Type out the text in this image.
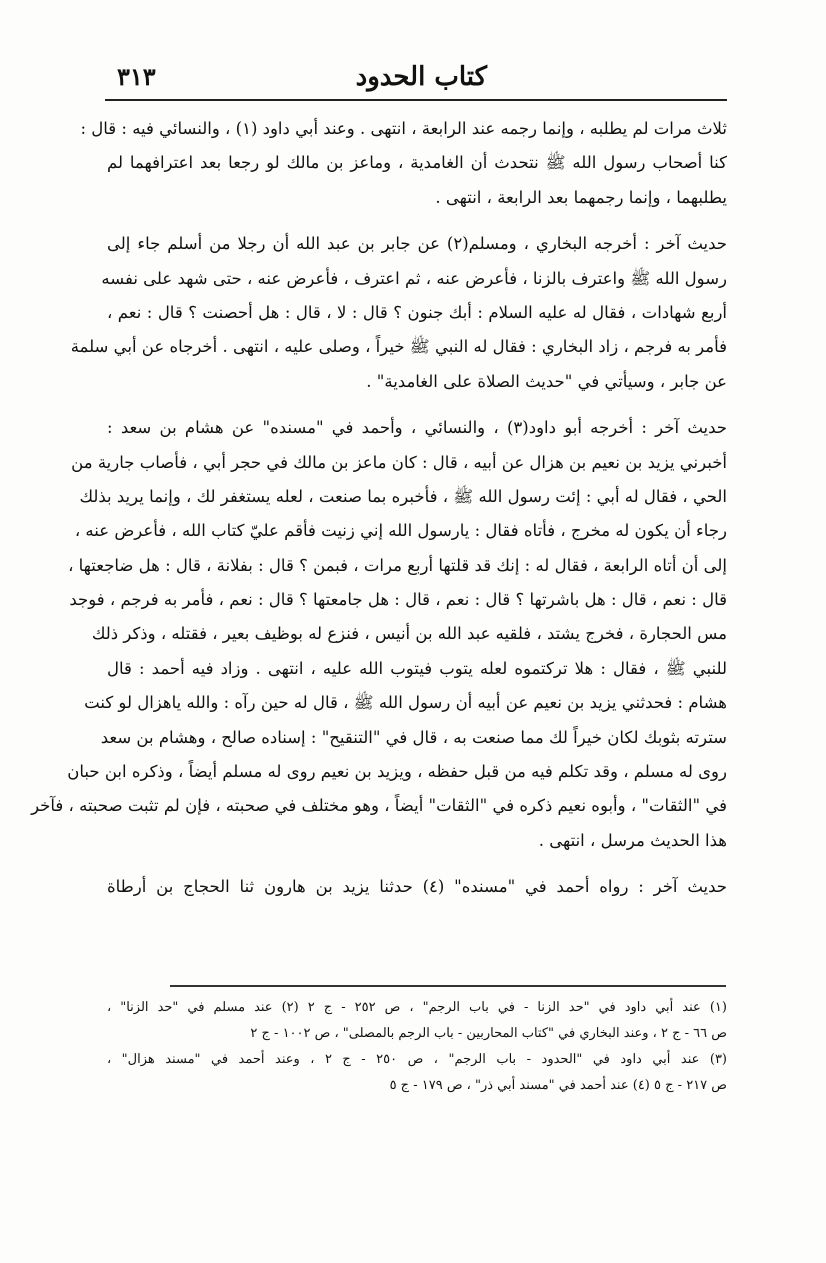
كتاب الحدود
٣١٣
ثلاث مرات لم يطلبه ، وإنما رجمه عند الرابعة ، انتهى . وعند أبي داود (١) ، والنسائي فيه : قال :
كنا أصحاب رسول الله ﷺ نتحدث أن الغامدية ، وماعز بن مالك لو رجعا بعد اعترافهما لم
يطلبهما ، وإنما رجمهما بعد الرابعة ، انتهى .
حديث آخر : أخرجه البخاري ، ومسلم(٢) عن جابر بن عبد الله أن رجلا من أسلم جاء إلى
رسول الله ﷺ واعترف بالزنا ، فأعرض عنه ، ثم اعترف ، فأعرض عنه ، حتى شهد على نفسه
أربع شهادات ، فقال له عليه السلام : أبك جنون ؟ قال : لا ، قال : هل أحصنت ؟ قال : نعم ،
فأمر به فرجم ، زاد البخاري : فقال له النبي ﷺ خيراً ، وصلى عليه ، انتهى . أخرجاه عن أبي سلمة
عن جابر ، وسيأتي في "حديث الصلاة على الغامدية" .
حديث آخر : أخرجه أبو داود(٣) ، والنسائي ، وأحمد في "مسنده" عن هشام بن سعد :
أخبرني يزيد بن نعيم بن هزال عن أبيه ، قال : كان ماعز بن مالك في حجر أبي ، فأصاب جارية من
الحي ، فقال له أبي : إئت رسول الله ﷺ ، فأخبره بما صنعت ، لعله يستغفر لك ، وإنما يريد بذلك
رجاء أن يكون له مخرج ، فأتاه فقال : يارسول الله إني زنيت فأقم عليّ كتاب الله ، فأعرض عنه ،
إلى أن أتاه الرابعة ، فقال له : إنك قد قلتها أربع مرات ، فبمن ؟ قال : بفلانة ، قال : هل ضاجعتها ،
قال : نعم ، قال : هل باشرتها ؟ قال : نعم ، قال : هل جامعتها ؟ قال : نعم ، فأمر به فرجم ، فوجد
مس الحجارة ، فخرج يشتد ، فلقيه عبد الله بن أنيس ، فنزع له بوظيف بعير ، فقتله ، وذكر ذلك
للنبي ﷺ ، فقال : هلا تركتموه لعله يتوب فيتوب الله عليه ، انتهى . وزاد فيه أحمد : قال
هشام : فحدثني يزيد بن نعيم عن أبيه أن رسول الله ﷺ ، قال له حين رآه : والله ياهزال لو كنت
سترته بثوبك لكان خيراً لك مما صنعت به ، قال في "التنقيح" : إسناده صالح ، وهشام بن سعد
روى له مسلم ، وقد تكلم فيه من قبل حفظه ، ويزيد بن نعيم روى له مسلم أيضاً ، وذكره ابن حبان
في "الثقات" ، وأبوه نعيم ذكره في "الثقات" أيضاً ، وهو مختلف في صحبته ، فإن لم تثبت صحبته ، فآخر
هذا الحديث مرسل ، انتهى .
حديث آخر : رواه أحمد في "مسنده" (٤) حدثنا يزيد بن هارون ثنا الحجاج بن أرطاة
(١) عند أبي داود في "حد الزنا - في باب الرجم" ، ص ٢٥٢ - ج ٢ (٢) عند مسلم في "حد الزنا" ،
ص ٦٦ - ج ٢ ، وعند البخاري في "كتاب المحاربين - باب الرجم بالمصلى" ، ص ١٠٠٢ - ج ٢
(٣) عند أبي داود في "الحدود - باب الرجم" ، ص ٢٥٠ - ج ٢ ، وعند أحمد في "مسند هزال" ،
ص ٢١٧ - ج ٥ (٤) عند أحمد في "مسند أبي ذر" ، ص ١٧٩ - ج ٥
